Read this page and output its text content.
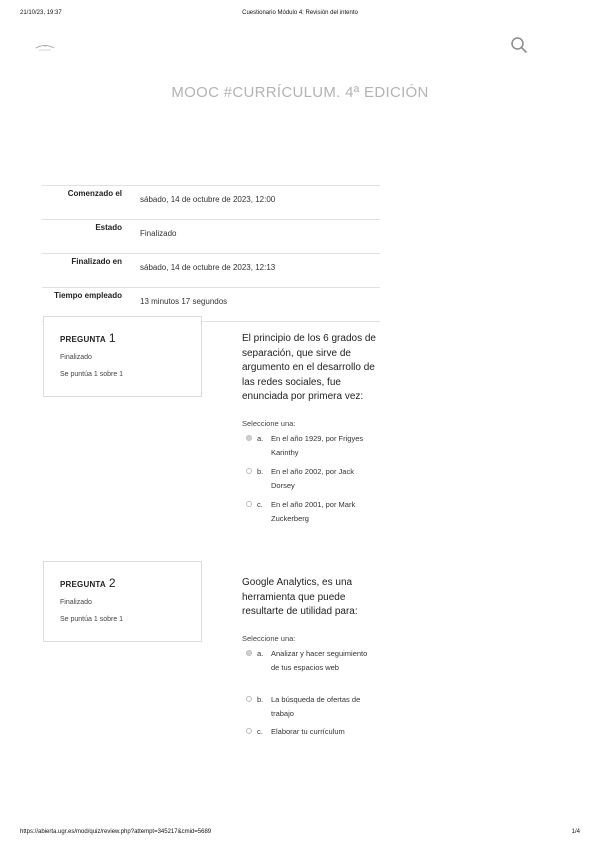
21/10/23, 19:37	Cuestionario Módulo 4: Revisión del intento
MOOC #CURRÍCULUM. 4ª EDICIÓN
Comenzado el	sábado, 14 de octubre de 2023, 12:00
Estado	Finalizado
Finalizado en	sábado, 14 de octubre de 2023, 12:13
Tiempo empleado	13 minutos 17 segundos

PREGUNTA 1
Finalizado
Se puntúa 1 sobre 1
El principio de los 6 grados de separación, que sirve de argumento en el desarrollo de las redes sociales, fue enunciada por primera vez:
Seleccione una:
a. En el año 1929, por Frigyes Karinthy
b. En el año 2002, por Jack Dorsey
c. En el año 2001, por Mark Zuckerberg
PREGUNTA 2
Finalizado
Se puntúa 1 sobre 1
Google Analytics, es una herramienta que puede resultarte de utilidad para:
Seleccione una:
a. Analizar y hacer seguimiento de tus espacios web
b. La búsqueda de ofertas de trabajo
c. Elaborar tu currículum
https://abierta.ugr.es/mod/quiz/review.php?attempt=345217&cmid=5689	1/4
